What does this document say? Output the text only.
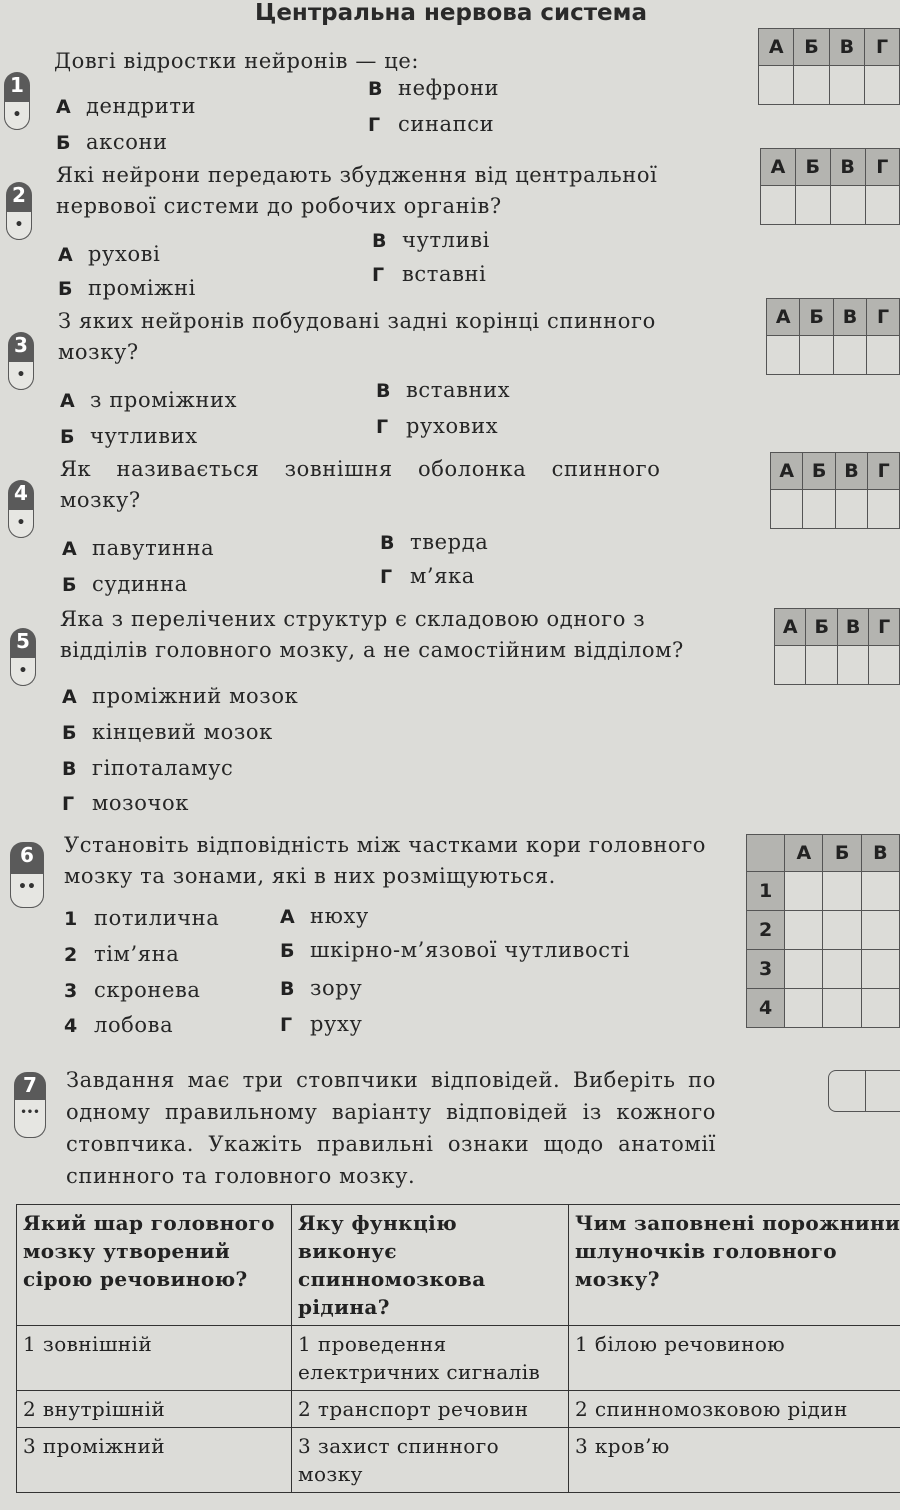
Центральна нервова система
1
•
Довгі відростки нейронів — це:
А дендрити
Б аксони
В нефрони
Г синапси
А	Б	В	Г

2
•
Які нейрони передають збудження від центральної нервової системи до робочих органів?
А рухові
Б проміжні
В чутливі
Г вставні
А	Б	В	Г

3
•
З яких нейронів побудовані задні корінці спинного мозку?
А з проміжних
Б чутливих
В вставних
Г рухових
А	Б	В	Г

4
•
Як називається зовнішня оболонка спинного мозку?
А павутинна
Б судинна
В тверда
Г м’яка
А	Б	В	Г

5
•
Яка з перелічених структур є складовою одного з відділів головного мозку, а не самостійним відділом?
А проміжний мозок
Б кінцевий мозок
В гіпоталамус
Г мозочок
А	Б	В	Г

6
••
Установіть відповідність між частками кори головного мозку та зонами, які в них розміщуються.
1 потилична
2 тім’яна
3 скронева
4 лобова
А нюху
Б шкірно-м’язової чутливості
В зору
Г руху
	А	Б	В
1			
2			
3			
4			
7
•••
Завдання має три стовпчики відповідей. Виберіть по одному правильному варіанту відповідей із кожного стовпчика. Укажіть правильні ознаки щодо анатомії спинного та головного мозку.
Який шар головного мозку утворений сірою речовиною?	Яку функцію виконує спинномозкова рідина?	Чим заповнені порожнини шлуночків головного мозку?
1 зовнішній	1 проведення електричних сигналів	1 білою речовиною
2 внутрішній	2 транспорт речовин	2 спинномозковою рідин
3 проміжний	3 захист спинного мозку	3 кров’ю
